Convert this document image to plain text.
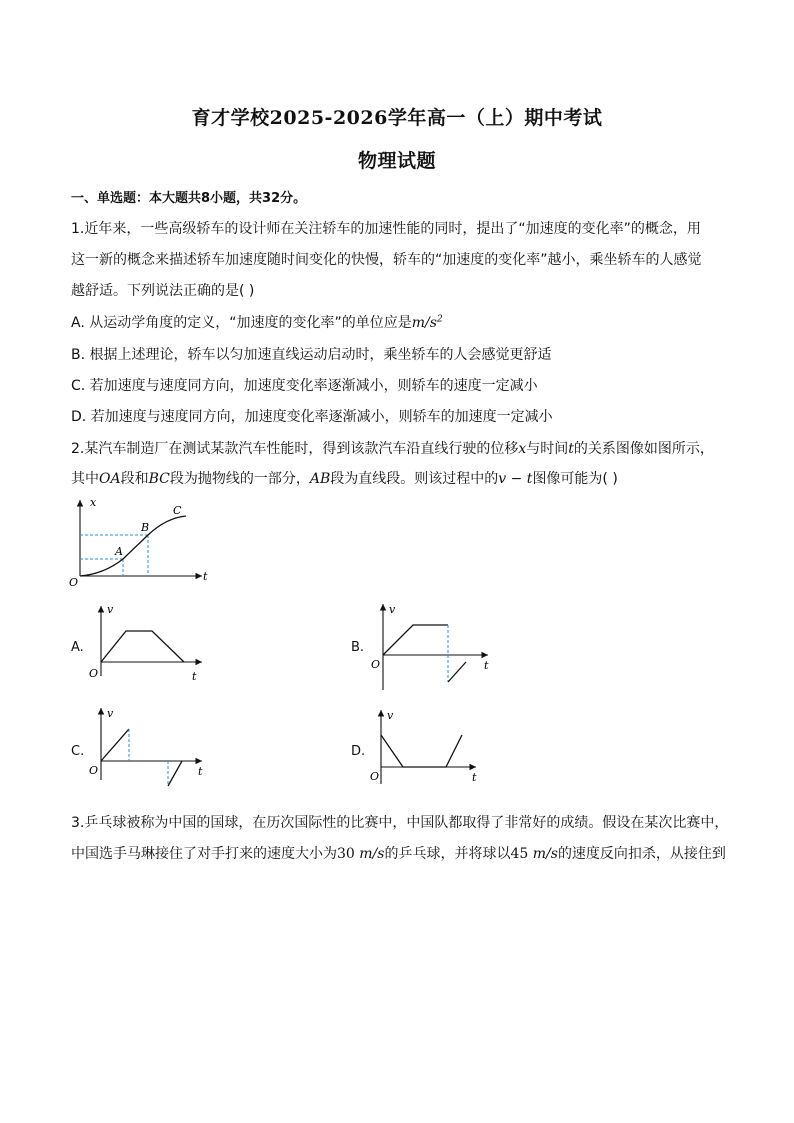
育才学校2025-2026学年高一（上）期中考试
物理试题
一、单选题：本大题共8小题，共32分。
1.近年来，一些高级轿车的设计师在关注轿车的加速性能的同时，提出了“加速度的变化率”的概念，用
这一新的概念来描述轿车加速度随时间变化的快慢，轿车的“加速度的变化率”越小，乘坐轿车的人感觉
越舒适。下列说法正确的是( )
A. 从运动学角度的定义，“加速度的变化率”的单位应是$m/s^2$
B. 根据上述理论，轿车以匀加速直线运动启动时，乘坐轿车的人会感觉更舒适
C. 若加速度与速度同方向，加速度变化率逐渐减小，则轿车的速度一定减小
D. 若加速度与速度同方向，加速度变化率逐渐减小，则轿车的加速度一定减小
2.某汽车制造厂在测试某款汽车性能时，得到该款汽车沿直线行驶的位移x与时间t的关系图像如图所示，
其中OA段和BC段为抛物线的一部分，AB段为直线段。则该过程中的v − t图像可能为( )
x
t
O
A
B
C
A.
v
t
O
B.
v
t
O
C.
v
t
O
D.
v
t
O
3.乒乓球被称为中国的国球，在历次国际性的比赛中，中国队都取得了非常好的成绩。假设在某次比赛中，
中国选手马琳接住了对手打来的速度大小为30 m/s的乒乓球，并将球以45 m/s的速度反向扣杀，从接住到
